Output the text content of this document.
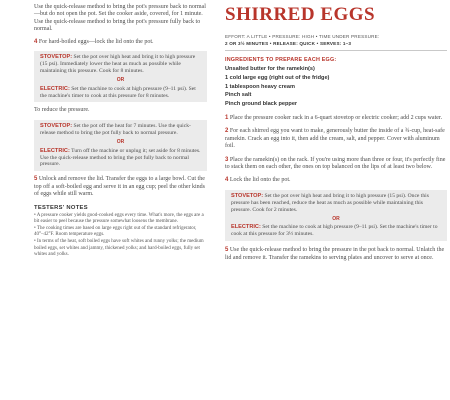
Use the quick-release method to bring the pot's pressure back to normal—but do not open the pot. Set the cooker aside, covered, for 1 minute. Use the quick-release method to bring the pot's pressure fully back to normal.

4 For hard-boiled eggs—lock the lid onto the pot.

STOVETOP: Set the pot over high heat and bring it to high pressure (15 psi). Immediately lower the heat as much as possible while maintaining this pressure. Cook for 8 minutes.

OR

ELECTRIC: Set the machine to cook at high pressure (9–11 psi). Set the machine's timer to cook at this pressure for 8 minutes.

To reduce the pressure.

STOVETOP: Set the pot off the heat for 7 minutes. Use the quick-release method to bring the pot fully back to normal pressure.

OR

ELECTRIC: Turn off the machine or unplug it; set aside for 8 minutes. Use the quick-release method to bring the pot fully back to normal pressure.

5 Unlock and remove the lid. Transfer the eggs to a large bowl. Cut the top off a soft-boiled egg and serve it in an egg cup; peel the other kinds of eggs while still warm.

TESTERS' NOTES
• A pressure cooker yields good-cooked eggs every time. What's more, the eggs are a bit easier to peel because the pressure somewhat loosens the membrane.
• The cooking times are based on large eggs right out of the standard refrigerator, 40°–42°F. Room temperature eggs.
• In terms of the heat, soft boiled eggs have soft whites and runny yolks; the medium boiled eggs, set whites and jammy, thickened yolks; and hard-boiled eggs, fully set whites and yolks.
SHIRRED EGGS
EFFORT: A LITTLE • PRESSURE: HIGH • TIME UNDER PRESSURE:
2 OR 3½ MINUTES • RELEASE: QUICK • SERVES: 1–3
INGREDIENTS TO PREPARE EACH EGG:
Unsalted butter for the ramekin(s)
1 cold large egg (right out of the fridge)
1 tablespoon heavy cream
Pinch salt
Pinch ground black pepper

1 Place the pressure cooker rack in a 6-quart stovetop or electric cooker; add 2 cups water.

2 For each shirred egg you want to make, generously butter the inside of a ¾-cup, heat-safe ramekin. Crack an egg into it, then add the cream, salt, and pepper. Cover with aluminum foil.

3 Place the ramekin(s) on the rack. If you're using more than three or four, it's perfectly fine to stack them on each other, the ones on top balanced on the lips of at least two below.

4 Lock the lid onto the pot.

STOVETOP: Set the pot over high heat and bring it to high pressure (15 psi). Once this pressure has been reached, reduce the heat as much as possible while maintaining this pressure. Cook for 2 minutes.

OR

ELECTRIC: Set the machine to cook at high pressure (9–11 psi). Set the machine's timer to cook at this pressure for 3½ minutes.

5 Use the quick-release method to bring the pressure in the pot back to normal. Unlatch the lid and remove it. Transfer the ramekins to serving plates and uncover to serve at once.
